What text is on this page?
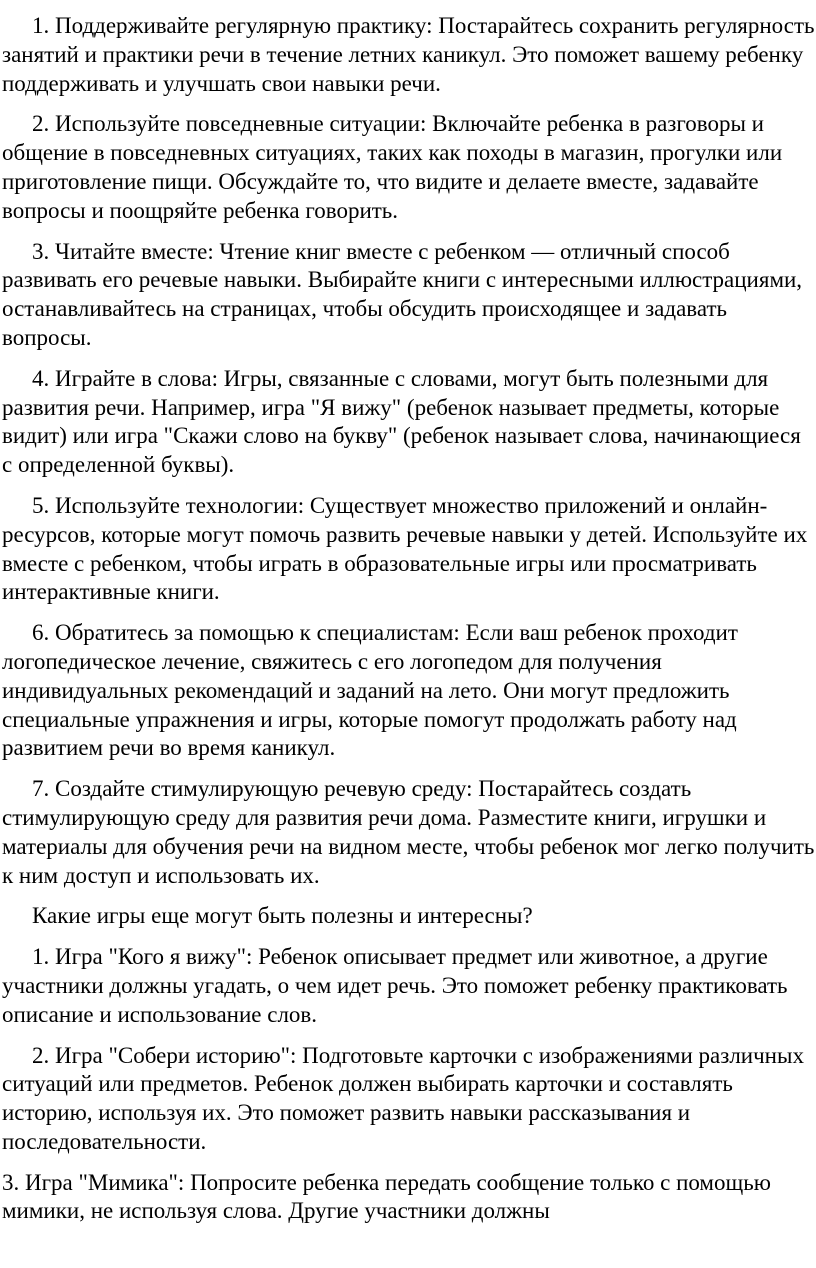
1. Поддерживайте регулярную практику: Постарайтесь сохранить регулярность занятий и практики речи в течение летних каникул. Это поможет вашему ребенку поддерживать и улучшать свои навыки речи.

2. Используйте повседневные ситуации: Включайте ребенка в разговоры и общение в повседневных ситуациях, таких как походы в магазин, прогулки или приготовление пищи. Обсуждайте то, что видите и делаете вместе, задавайте вопросы и поощряйте ребенка говорить.

3. Читайте вместе: Чтение книг вместе с ребенком — отличный способ развивать его речевые навыки. Выбирайте книги с интересными иллюстрациями, останавливайтесь на страницах, чтобы обсудить происходящее и задавать вопросы.

4. Играйте в слова: Игры, связанные с словами, могут быть полезными для развития речи. Например, игра "Я вижу" (ребенок называет предметы, которые видит) или игра "Скажи слово на букву" (ребенок называет слова, начинающиеся с определенной буквы).

5. Используйте технологии: Существует множество приложений и онлайн-ресурсов, которые могут помочь развить речевые навыки у детей. Используйте их вместе с ребенком, чтобы играть в образовательные игры или просматривать интерактивные книги.

6. Обратитесь за помощью к специалистам: Если ваш ребенок проходит логопедическое лечение, свяжитесь с его логопедом для получения индивидуальных рекомендаций и заданий на лето. Они могут предложить специальные упражнения и игры, которые помогут продолжать работу над развитием речи во время каникул.

7. Создайте стимулирующую речевую среду: Постарайтесь создать стимулирующую среду для развития речи дома. Разместите книги, игрушки и материалы для обучения речи на видном месте, чтобы ребенок мог легко получить к ним доступ и использовать их.

Какие игры еще могут быть полезны и интересны?

1. Игра "Кого я вижу": Ребенок описывает предмет или животное, а другие участники должны угадать, о чем идет речь. Это поможет ребенку практиковать описание и использование слов.

2. Игра "Собери историю": Подготовьте карточки с изображениями различных ситуаций или предметов. Ребенок должен выбирать карточки и составлять историю, используя их. Это поможет развить навыки рассказывания и последовательности.

3. Игра "Мимика": Попросите ребенка передать сообщение только с помощью мимики, не используя слова. Другие участники должны
